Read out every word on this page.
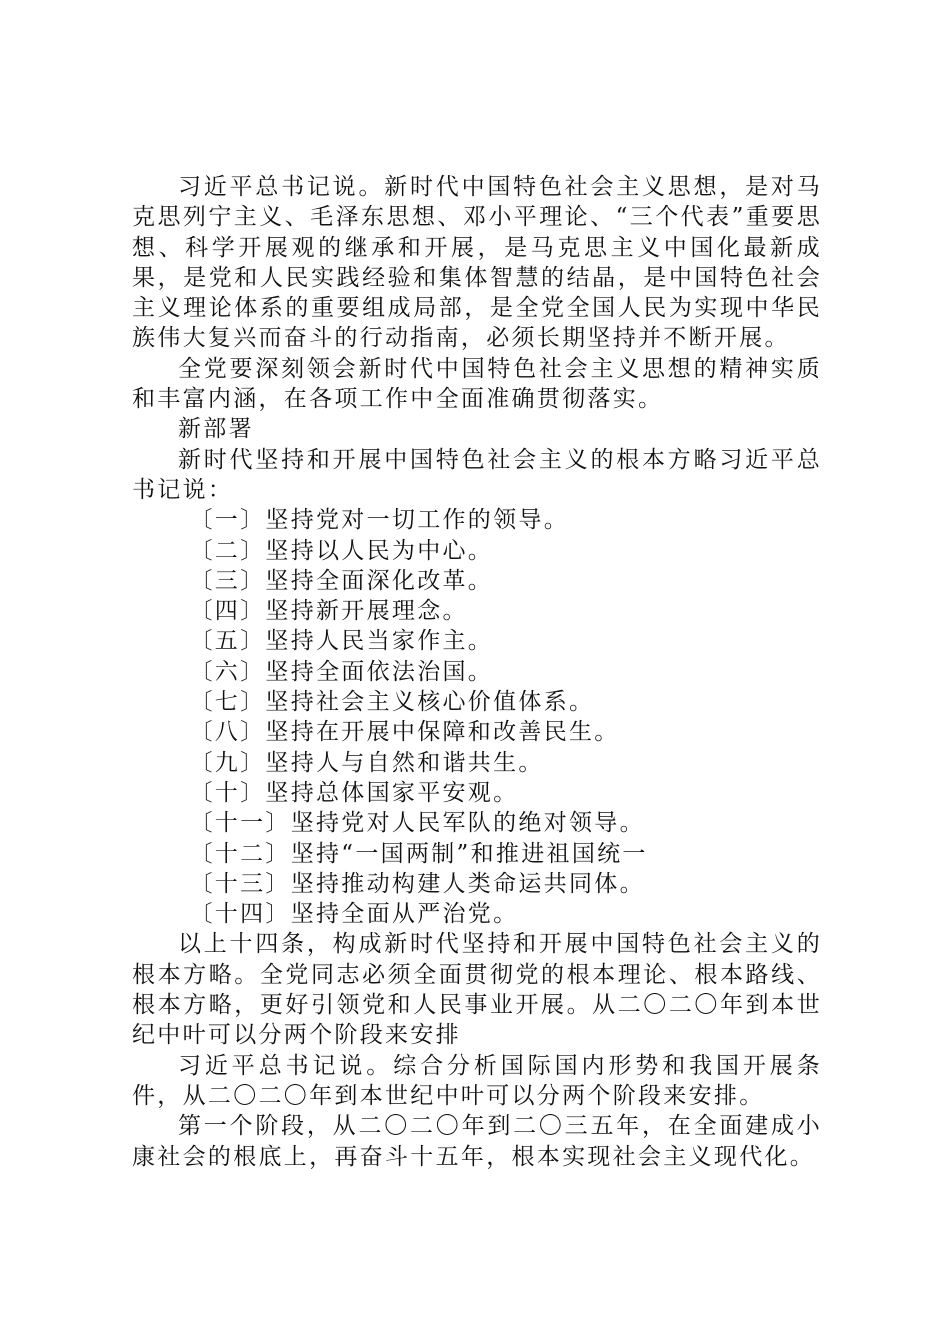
习近平总书记说。新时代中国特色社会主义思想，是对马克思列宁主义、毛泽东思想、邓小平理论、“三个代表”重要思想、科学开展观的继承和开展，是马克思主义中国化最新成果，是党和人民实践经验和集体智慧的结晶，是中国特色社会主义理论体系的重要组成局部，是全党全国人民为实现中华民族伟大复兴而奋斗的行动指南，必须长期坚持并不断开展。

全党要深刻领会新时代中国特色社会主义思想的精神实质和丰富内涵，在各项工作中全面准确贯彻落实。

新部署

新时代坚持和开展中国特色社会主义的根本方略习近平总书记说：

〔一〕坚持党对一切工作的领导。

〔二〕坚持以人民为中心。

〔三〕坚持全面深化改革。

〔四〕坚持新开展理念。

〔五〕坚持人民当家作主。

〔六〕坚持全面依法治国。

〔七〕坚持社会主义核心价值体系。

〔八〕坚持在开展中保障和改善民生。

〔九〕坚持人与自然和谐共生。

〔十〕坚持总体国家平安观。

〔十一〕坚持党对人民军队的绝对领导。

〔十二〕坚持“一国两制”和推进祖国统一

〔十三〕坚持推动构建人类命运共同体。

〔十四〕坚持全面从严治党。

以上十四条，构成新时代坚持和开展中国特色社会主义的根本方略。全党同志必须全面贯彻党的根本理论、根本路线、根本方略，更好引领党和人民事业开展。从二〇二〇年到本世纪中叶可以分两个阶段来安排

习近平总书记说。综合分析国际国内形势和我国开展条件，从二〇二〇年到本世纪中叶可以分两个阶段来安排。

第一个阶段，从二〇二〇年到二〇三五年，在全面建成小康社会的根底上，再奋斗十五年，根本实现社会主义现代化。
